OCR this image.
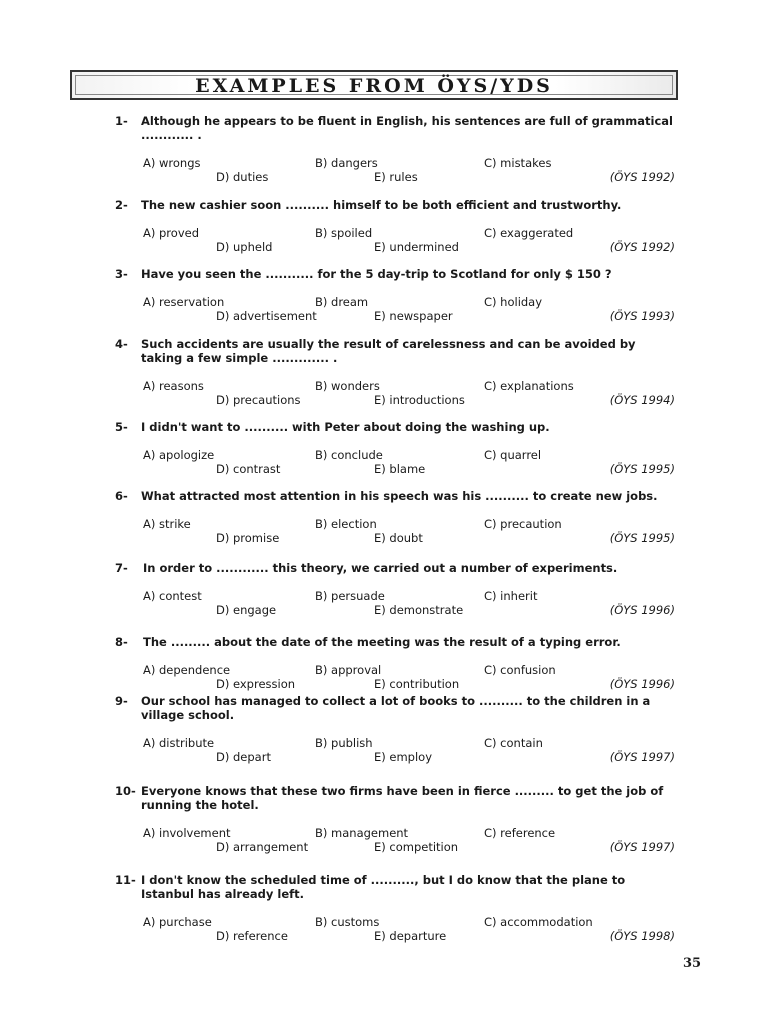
EXAMPLES FROM ÖYS/YDS
1-	Although he appears to be fluent in English, his sentences are full of grammatical ............ .
A) wrongs	B) dangers	C) mistakes
D) duties	E) rules	(ÖYS 1992)
2-	The new cashier soon .......... himself to be both efficient and trustworthy.
A) proved	B) spoiled	C) exaggerated
D) upheld	E) undermined	(ÖYS 1992)
3-	Have you seen the ........... for the 5 day-trip to Scotland for only $ 150 ?
A) reservation	B) dream	C) holiday
D) advertisement	E) newspaper	(ÖYS 1993)
4-	Such accidents are usually the result of carelessness and can be avoided by taking a few simple ............. .
A) reasons	B) wonders	C) explanations
D) precautions	E) introductions	(ÖYS 1994)
5-	I didn't want to .......... with Peter about doing the washing up.
A) apologize	B) conclude	C) quarrel
D) contrast	E) blame	(ÖYS 1995)
6-	What attracted most attention in his speech was his .......... to create new jobs.
A) strike	B) election	C) precaution
D) promise	E) doubt	(ÖYS 1995)
7-	In order to ............ this theory, we carried out a number of experiments.
A) contest	B) persuade	C) inherit
D) engage	E) demonstrate	(ÖYS 1996)
8-	The ......... about the date of the meeting was the result of a typing error.
A) dependence	B) approval	C) confusion
D) expression	E) contribution	(ÖYS 1996)
9-	Our school has managed to collect a lot of books to .......... to the children in a village school.
A) distribute	B) publish	C) contain
D) depart	E) employ	(ÖYS 1997)
10- Everyone knows that these two firms have been in fierce ......... to get the job of running the hotel.
A) involvement	B) management	C) reference
D) arrangement	E) competition	(ÖYS 1997)
11- I don't know the scheduled time of .........., but I do know that the plane to Istanbul has already left.
A) purchase	B) customs	C) accommodation
D) reference	E) departure	(ÖYS 1998)
35
